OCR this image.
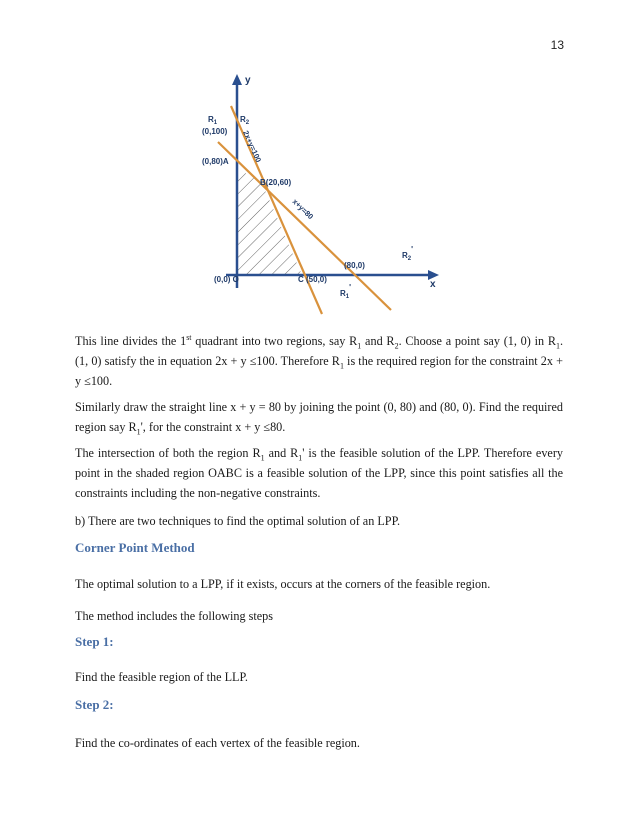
13
y
x
$R_1$	$R_2$
(0,100)
(0,80)A
B(20,60)
(0,0) O	C (50,0)
(80,0)
$R_2'$
$R_1'$
2x+y=100
x+y=80

This line divides the 1st quadrant into two regions, say $R_1$ and $R_2$. Choose a point say (1, 0) in $R_1$. (1, 0) satisfy the in equation 2x + y ≤100. Therefore $R_1$ is the required region for the constraint 2x + y ≤100.

Similarly draw the straight line x + y = 80 by joining the point (0, 80) and (80, 0). Find the required region say $R_1'$, for the constraint x + y ≤80.

The intersection of both the region $R_1$ and $R_1'$ is the feasible solution of the LPP. Therefore every point in the shaded region OABC is a feasible solution of the LPP, since this point satisfies all the constraints including the non-negative constraints.

b) There are two techniques to find the optimal solution of an LPP.

Corner Point Method

The optimal solution to a LPP, if it exists, occurs at the corners of the feasible region.

The method includes the following steps

Step 1:

Find the feasible region of the LLP.

Step 2:

Find the co-ordinates of each vertex of the feasible region.
